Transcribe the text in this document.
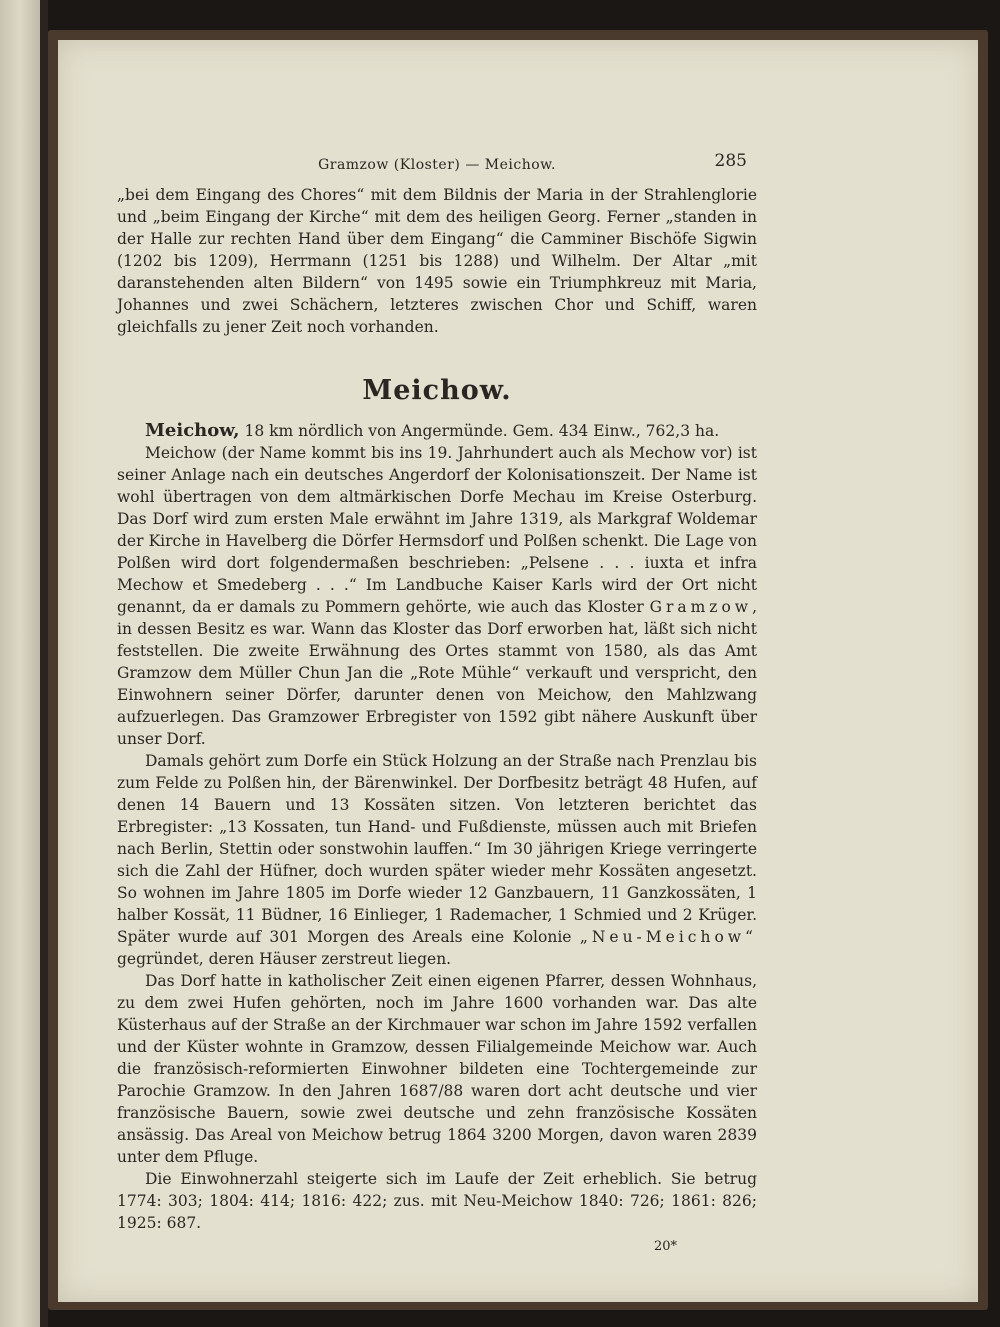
Gramzow (Kloster) — Meichow.	285

„bei dem Eingang des Chores“ mit dem Bildnis der Maria in der Strahlenglorie und „beim Eingang der Kirche“ mit dem des heiligen Georg. Ferner „standen in der Halle zur rechten Hand über dem Eingang“ die Camminer Bischöfe Sigwin (1202 bis 1209), Herrmann (1251 bis 1288) und Wilhelm. Der Altar „mit daranstehenden alten Bildern“ von 1495 sowie ein Triumphkreuz mit Maria, Johannes und zwei Schächern, letzteres zwischen Chor und Schiff, waren gleichfalls zu jener Zeit noch vorhanden.

Meichow.

Meichow, 18 km nördlich von Angermünde. Gem. 434 Einw., 762,3 ha.

Meichow (der Name kommt bis ins 19. Jahrhundert auch als Mechow vor) ist seiner Anlage nach ein deutsches Angerdorf der Kolonisationszeit. Der Name ist wohl übertragen von dem altmärkischen Dorfe Mechau im Kreise Osterburg. Das Dorf wird zum ersten Male erwähnt im Jahre 1319, als Markgraf Woldemar der Kirche in Havelberg die Dörfer Hermsdorf und Polßen schenkt. Die Lage von Polßen wird dort folgendermaßen beschrieben: „Pelsene . . . iuxta et infra Mechow et Smedeberg . . .“ Im Landbuche Kaiser Karls wird der Ort nicht genannt, da er damals zu Pommern gehörte, wie auch das Kloster Gramzow, in dessen Besitz es war. Wann das Kloster das Dorf erworben hat, läßt sich nicht feststellen. Die zweite Erwähnung des Ortes stammt von 1580, als das Amt Gramzow dem Müller Chun Jan die „Rote Mühle“ verkauft und verspricht, den Einwohnern seiner Dörfer, darunter denen von Meichow, den Mahlzwang aufzuerlegen. Das Gramzower Erbregister von 1592 gibt nähere Auskunft über unser Dorf.

Damals gehört zum Dorfe ein Stück Holzung an der Straße nach Prenzlau bis zum Felde zu Polßen hin, der Bärenwinkel. Der Dorfbesitz beträgt 48 Hufen, auf denen 14 Bauern und 13 Kossäten sitzen. Von letzteren berichtet das Erbregister: „13 Kossaten, tun Hand- und Fußdienste, müssen auch mit Briefen nach Berlin, Stettin oder sonstwohin lauffen.“ Im 30 jährigen Kriege verringerte sich die Zahl der Hüfner, doch wurden später wieder mehr Kossäten angesetzt. So wohnen im Jahre 1805 im Dorfe wieder 12 Ganzbauern, 11 Ganzkossäten, 1 halber Kossät, 11 Büdner, 16 Einlieger, 1 Rademacher, 1 Schmied und 2 Krüger. Später wurde auf 301 Morgen des Areals eine Kolonie „Neu-Meichow“ gegründet, deren Häuser zerstreut liegen.

Das Dorf hatte in katholischer Zeit einen eigenen Pfarrer, dessen Wohnhaus, zu dem zwei Hufen gehörten, noch im Jahre 1600 vorhanden war. Das alte Küsterhaus auf der Straße an der Kirchmauer war schon im Jahre 1592 verfallen und der Küster wohnte in Gramzow, dessen Filialgemeinde Meichow war. Auch die französisch-reformierten Einwohner bildeten eine Tochtergemeinde zur Parochie Gramzow. In den Jahren 1687/88 waren dort acht deutsche und vier französische Bauern, sowie zwei deutsche und zehn französische Kossäten ansässig. Das Areal von Meichow betrug 1864 3200 Morgen, davon waren 2839 unter dem Pfluge.

Die Einwohnerzahl steigerte sich im Laufe der Zeit erheblich. Sie betrug 1774: 303; 1804: 414; 1816: 422; zus. mit Neu-Meichow 1840: 726; 1861: 826; 1925: 687.

20*
